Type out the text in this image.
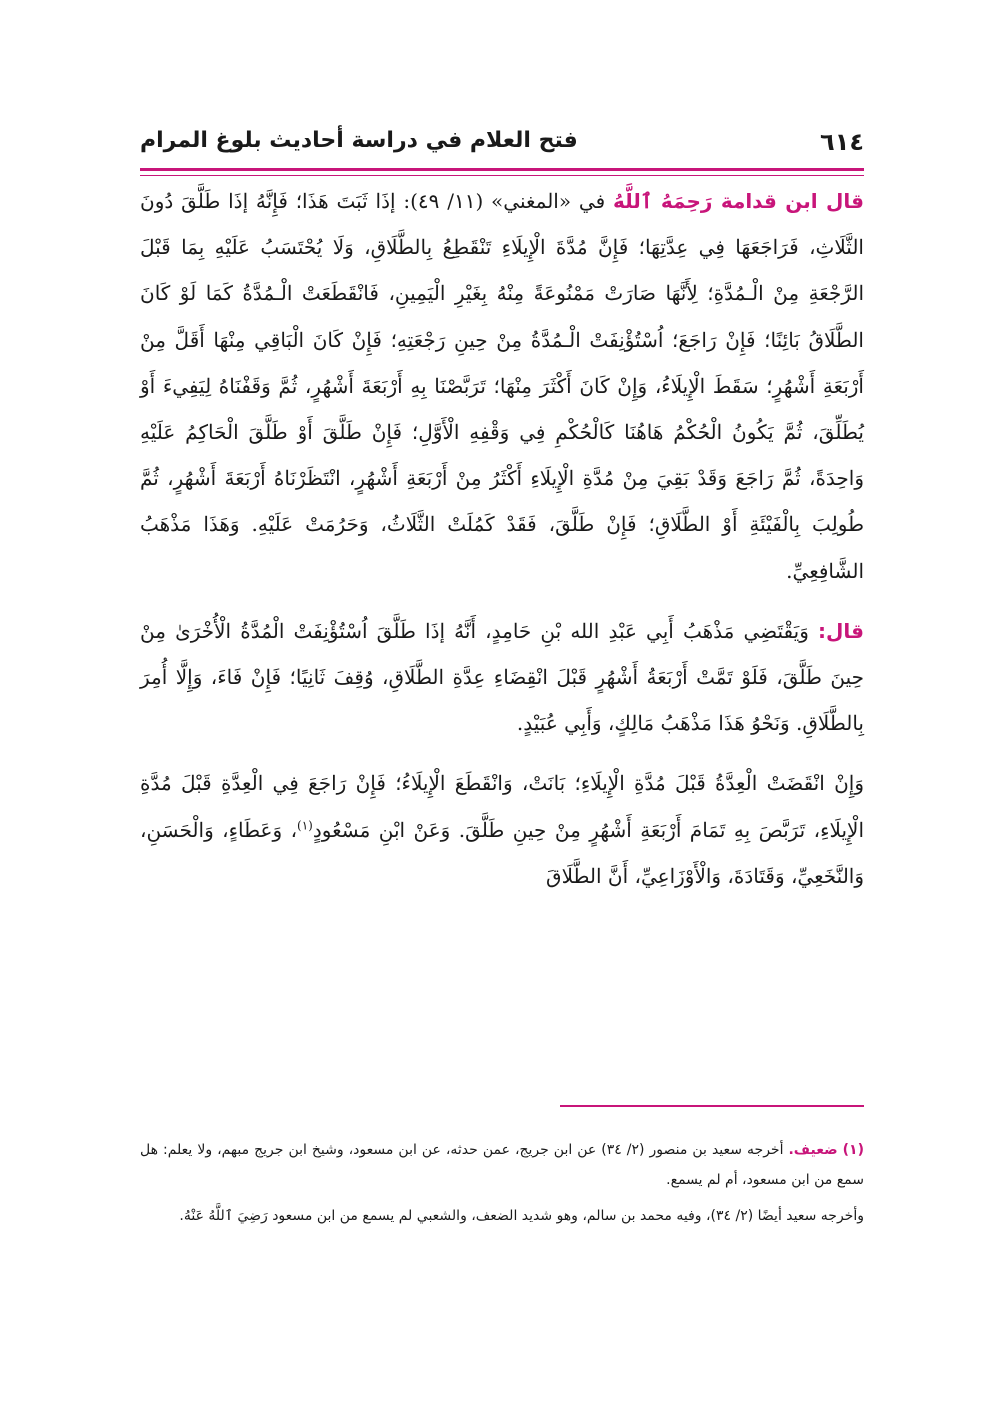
٦١٤
فتح العلام في دراسة أحاديث بلوغ المرام

قال ابن قدامة رَحِمَهُ ٱللَّهُ في «المغني» (١١/ ٤٩): إذَا ثَبَتَ هَذَا؛ فَإِنَّهُ إذَا طَلَّقَ دُونَ الثَّلَاثِ، فَرَاجَعَهَا فِي عِدَّتِهَا؛ فَإِنَّ مُدَّةَ الْإِيلَاءِ تَنْقَطِعُ بِالطَّلَاقِ، وَلَا يُحْتَسَبُ عَلَيْهِ بِمَا قَبْلَ الرَّجْعَةِ مِنْ الْـمُدَّةِ؛ لِأَنَّهَا صَارَتْ مَمْنُوعَةً مِنْهُ بِغَيْرِ الْيَمِينِ، فَانْقَطَعَتْ الْـمُدَّةُ كَمَا لَوْ كَانَ الطَّلَاقُ بَائِنًا؛ فَإِنْ رَاجَعَ؛ اُسْتُؤْنِفَتْ الْـمُدَّةُ مِنْ حِينِ رَجْعَتِهِ؛ فَإِنْ كَانَ الْبَاقِي مِنْهَا أَقَلَّ مِنْ أَرْبَعَةِ أَشْهُرٍ؛ سَقَطَ الْإِيلَاءُ، وَإِنْ كَانَ أَكْثَرَ مِنْهَا؛ تَرَبَّصْنَا بِهِ أَرْبَعَةَ أَشْهُرٍ، ثُمَّ وَقَفْنَاهُ لِيَفِيءَ أَوْ يُطَلِّقَ، ثُمَّ يَكُونُ الْحُكْمُ هَاهُنَا كَالْحُكْمِ فِي وَقْفِهِ الْأَوَّلِ؛ فَإِنْ طَلَّقَ أَوْ طَلَّقَ الْحَاكِمُ عَلَيْهِ وَاحِدَةً، ثُمَّ رَاجَعَ وَقَدْ بَقِيَ مِنْ مُدَّةِ الْإِيلَاءِ أَكْثَرُ مِنْ أَرْبَعَةِ أَشْهُرٍ، انْتَظَرْنَاهُ أَرْبَعَةَ أَشْهُرٍ، ثُمَّ طُولِبَ بِالْفَيْئَةِ أَوْ الطَّلَاقِ؛ فَإِنْ طَلَّقَ، فَقَدْ كَمُلَتْ الثَّلَاثُ، وَحَرُمَتْ عَلَيْهِ. وَهَذَا مَذْهَبُ الشَّافِعِيِّ.

قال: وَيَقْتَضِي مَذْهَبُ أَبِي عَبْدِ الله بْنِ حَامِدٍ، أَنَّهُ إذَا طَلَّقَ اُسْتُؤْنِفَتْ الْمُدَّةُ الْأُخْرَىٰ مِنْ حِينَ طَلَّقَ، فَلَوْ تَمَّتْ أَرْبَعَةُ أَشْهُرٍ قَبْلَ انْقِضَاءِ عِدَّةِ الطَّلَاقِ، وُقِفَ ثَانِيًا؛ فَإِنْ فَاءَ، وَإِلَّا أُمِرَ بِالطَّلَاقِ. وَنَحْوُ هَذَا مَذْهَبُ مَالِكٍ، وَأَبِي عُبَيْدٍ.

وَإِنْ انْقَضَتْ الْعِدَّةُ قَبْلَ مُدَّةِ الْإِيلَاءِ؛ بَانَتْ، وَانْقَطَعَ الْإِيلَاءُ؛ فَإِنْ رَاجَعَ فِي الْعِدَّةِ قَبْلَ مُدَّةِ الْإِيلَاءِ، تَرَبَّصَ بِهِ تَمَامَ أَرْبَعَةِ أَشْهُرٍ مِنْ حِينِ طَلَّقَ. وَعَنْ ابْنِ مَسْعُودٍ$^{(١)}$، وَعَطَاءٍ، وَالْحَسَنِ، وَالنَّخَعِيِّ، وَقَتَادَةَ، وَالْأَوْزَاعِيِّ، أَنَّ الطَّلَاقَ

(١) ضعيف. أخرجه سعيد بن منصور (٢/ ٣٤) عن ابن جريج، عمن حدثه، عن ابن مسعود، وشيخ ابن جريج مبهم، ولا يعلم: هل سمع من ابن مسعود، أم لم يسمع.

وأخرجه سعيد أيضًا (٢/ ٣٤)، وفيه محمد بن سالم، وهو شديد الضعف، والشعبي لم يسمع من ابن مسعود رَضِيَ ٱللَّهُ عَنْهُ.
